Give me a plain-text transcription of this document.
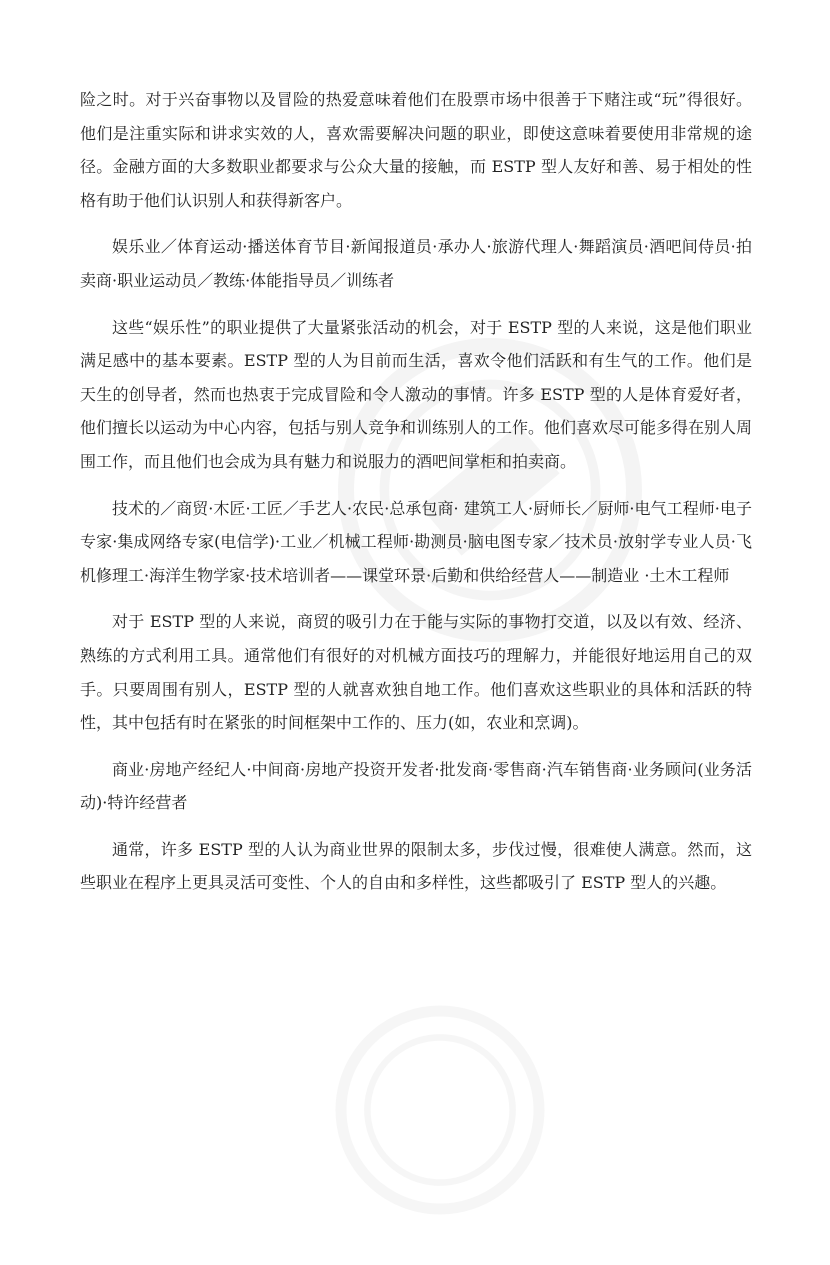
险之时。对于兴奋事物以及冒险的热爱意味着他们在股票市场中很善于下赌注或“玩”得很好。他们是注重实际和讲求实效的人，喜欢需要解决问题的职业，即使这意味着要使用非常规的途径。金融方面的大多数职业都要求与公众大量的接触，而 ESTP 型人友好和善、易于相处的性格有助于他们认识别人和获得新客户。

娱乐业／体育运动·播送体育节目·新闻报道员·承办人·旅游代理人·舞蹈演员·酒吧间侍员·拍卖商·职业运动员／教练·体能指导员／训练者

这些“娱乐性”的职业提供了大量紧张活动的机会，对于 ESTP 型的人来说，这是他们职业满足感中的基本要素。ESTP 型的人为目前而生活，喜欢令他们活跃和有生气的工作。他们是天生的创导者，然而也热衷于完成冒险和令人激动的事情。许多 ESTP 型的人是体育爱好者，他们擅长以运动为中心内容，包括与别人竞争和训练别人的工作。他们喜欢尽可能多得在别人周围工作，而且他们也会成为具有魅力和说服力的酒吧间掌柜和拍卖商。

技术的／商贸·木匠·工匠／手艺人·农民·总承包商· 建筑工人·厨师长／厨师·电气工程师·电子专家·集成网络专家(电信学)·工业／机械工程师·勘测员·脑电图专家／技术员·放射学专业人员·飞机修理工·海洋生物学家·技术培训者——课堂环景·后勤和供给经营人——制造业 ·土木工程师

对于 ESTP 型的人来说，商贸的吸引力在于能与实际的事物打交道，以及以有效、经济、熟练的方式利用工具。通常他们有很好的对机械方面技巧的理解力，并能很好地运用自己的双手。只要周围有别人，ESTP 型的人就喜欢独自地工作。他们喜欢这些职业的具体和活跃的特性，其中包括有时在紧张的时间框架中工作的、压力(如，农业和烹调)。

商业·房地产经纪人·中间商·房地产投资开发者·批发商·零售商·汽车销售商·业务顾问(业务活动)·特许经营者

通常，许多 ESTP 型的人认为商业世界的限制太多，步伐过慢，很难使人满意。然而，这些职业在程序上更具灵活可变性、个人的自由和多样性，这些都吸引了 ESTP 型人的兴趣。
